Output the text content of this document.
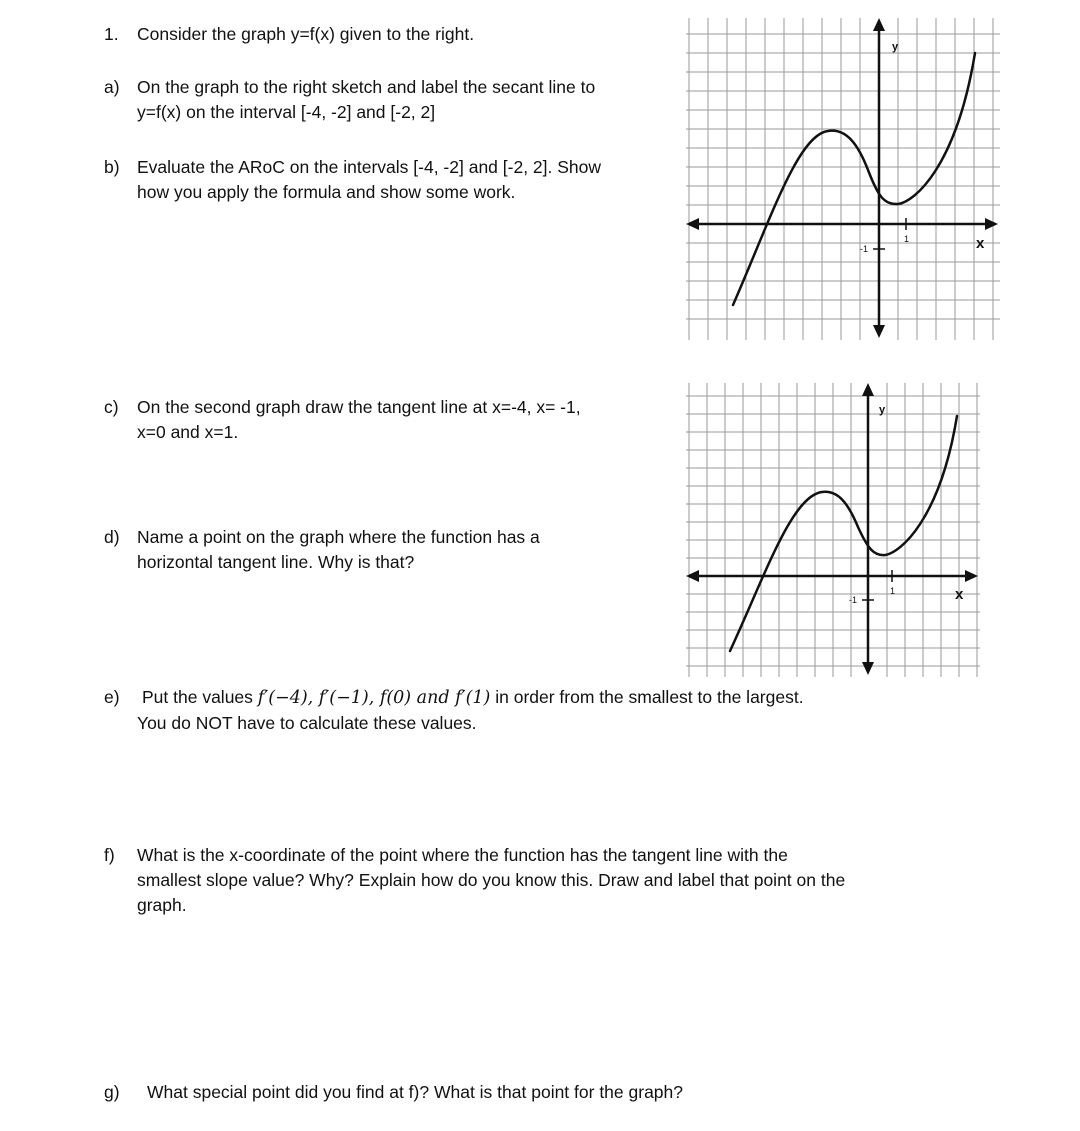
1. Consider the graph y=f(x) given to the right.
a) On the graph to the right sketch and label the secant line to
y=f(x) on the interval [-4, -2] and [-2, 2]
b) Evaluate the ARoC on the intervals [-4, -2] and [-2, 2]. Show
how you apply the formula and show some work.
c) On the second graph draw the tangent line at x=-4, x= -1,
x=0 and x=1.
d) Name a point on the graph where the function has a
horizontal tangent line. Why is that?
e) Put the values f′(−4), f′(−1), f(0) and f′(1) in order from the smallest to the largest.
You do NOT have to calculate these values.
f) What is the x-coordinate of the point where the function has the tangent line with the
smallest slope value? Why? Explain how do you know this. Draw and label that point on the
graph.
g) What special point did you find at f)? What is that point for the graph?
x
y
1
-1
x
y
1
-1
